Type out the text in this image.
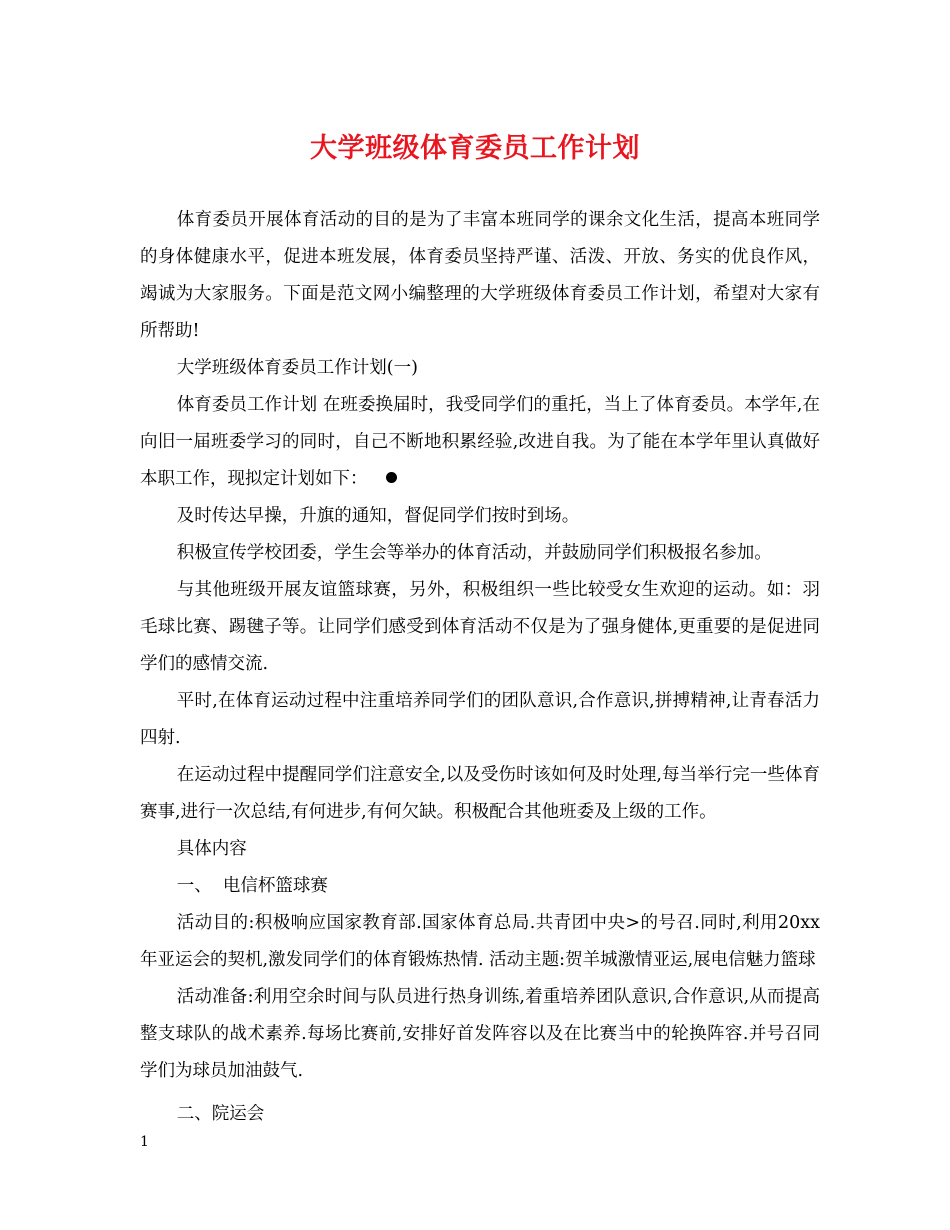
大学班级体育委员工作计划

体育委员开展体育活动的目的是为了丰富本班同学的课余文化生活，提高本班同学的身体健康水平，促进本班发展，体育委员坚持严谨、活泼、开放、务实的优良作风，竭诚为大家服务。下面是范文网小编整理的大学班级体育委员工作计划，希望对大家有所帮助!

大学班级体育委员工作计划(一)

体育委员工作计划 在班委换届时，我受同学们的重托，当上了体育委员。本学年,在向旧一届班委学习的同时，自己不断地积累经验,改进自我。为了能在本学年里认真做好本职工作，现拟定计划如下：

及时传达早操，升旗的通知，督促同学们按时到场。

积极宣传学校团委，学生会等举办的体育活动，并鼓励同学们积极报名参加。

与其他班级开展友谊篮球赛，另外，积极组织一些比较受女生欢迎的运动。如：羽毛球比赛、踢毽子等。让同学们感受到体育活动不仅是为了强身健体,更重要的是促进同学们的感情交流.

平时,在体育运动过程中注重培养同学们的团队意识,合作意识,拼搏精神,让青春活力四射.

在运动过程中提醒同学们注意安全,以及受伤时该如何及时处理,每当举行完一些体育赛事,进行一次总结,有何进步,有何欠缺。积极配合其他班委及上级的工作。

具体内容

一、  电信杯篮球赛

活动目的:积极响应国家教育部.国家体育总局.共青团中央>的号召.同时,利用20xx年亚运会的契机,激发同学们的体育锻炼热情. 活动主题:贺羊城激情亚运,展电信魅力篮球

活动准备:利用空余时间与队员进行热身训练,着重培养团队意识,合作意识,从而提高整支球队的战术素养.每场比赛前,安排好首发阵容以及在比赛当中的轮换阵容.并号召同学们为球员加油鼓气.

二、院运会

1
